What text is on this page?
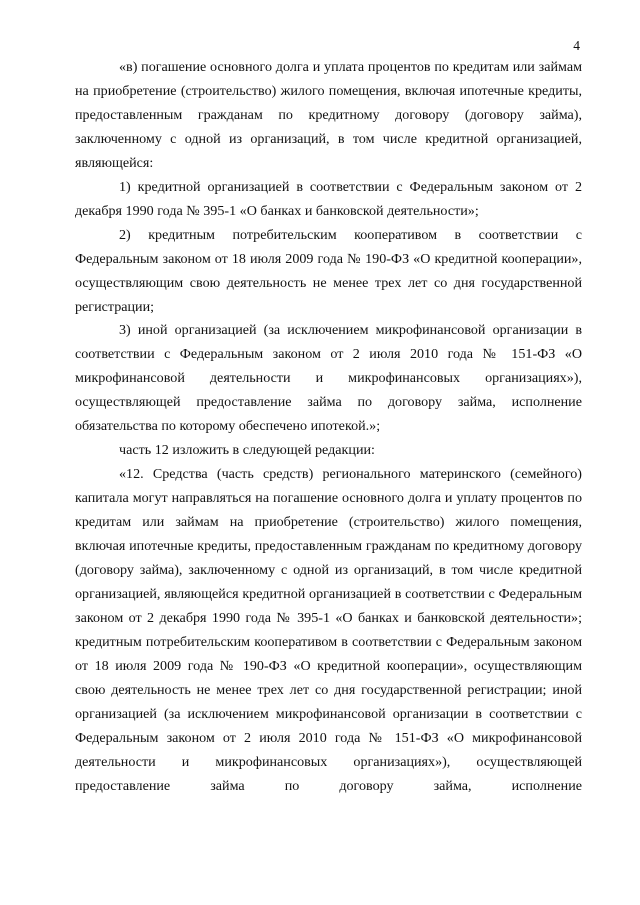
4

«в) погашение основного долга и уплата процентов по кредитам или займам на приобретение (строительство) жилого помещения, включая ипотечные кредиты, предоставленным гражданам по кредитному договору (договору займа), заключенному с одной из организаций, в том числе кредитной организацией, являющейся:

1) кредитной организацией в соответствии с Федеральным законом от 2 декабря 1990 года № 395-1 «О банках и банковской деятельности»;

2) кредитным потребительским кооперативом в соответствии с Федеральным законом от 18 июля 2009 года № 190-ФЗ «О кредитной кооперации», осуществляющим свою деятельность не менее трех лет со дня государственной регистрации;

3) иной организацией (за исключением микрофинансовой организации в соответствии с Федеральным законом от 2 июля 2010 года № 151-ФЗ «О микрофинансовой деятельности и микрофинансовых организациях»), осуществляющей предоставление займа по договору займа, исполнение обязательства по которому обеспечено ипотекой.»;

часть 12 изложить в следующей редакции:

«12. Средства (часть средств) регионального материнского (семейного) капитала могут направляться на погашение основного долга и уплату процентов по кредитам или займам на приобретение (строительство) жилого помещения, включая ипотечные кредиты, предоставленным гражданам по кредитному договору (договору займа), заключенному с одной из организаций, в том числе кредитной организацией, являющейся кредитной организацией в соответствии с Федеральным законом от 2 декабря 1990 года № 395-1 «О банках и банковской деятельности»; кредитным потребительским кооперативом в соответствии с Федеральным законом от 18 июля 2009 года № 190-ФЗ «О кредитной кооперации», осуществляющим свою деятельность не менее трех лет со дня государственной регистрации; иной организацией (за исключением микрофинансовой организации в соответствии с Федеральным законом от 2 июля 2010 года № 151-ФЗ «О микрофинансовой деятельности и микрофинансовых организациях»), осуществляющей предоставление займа по договору займа, исполнение
